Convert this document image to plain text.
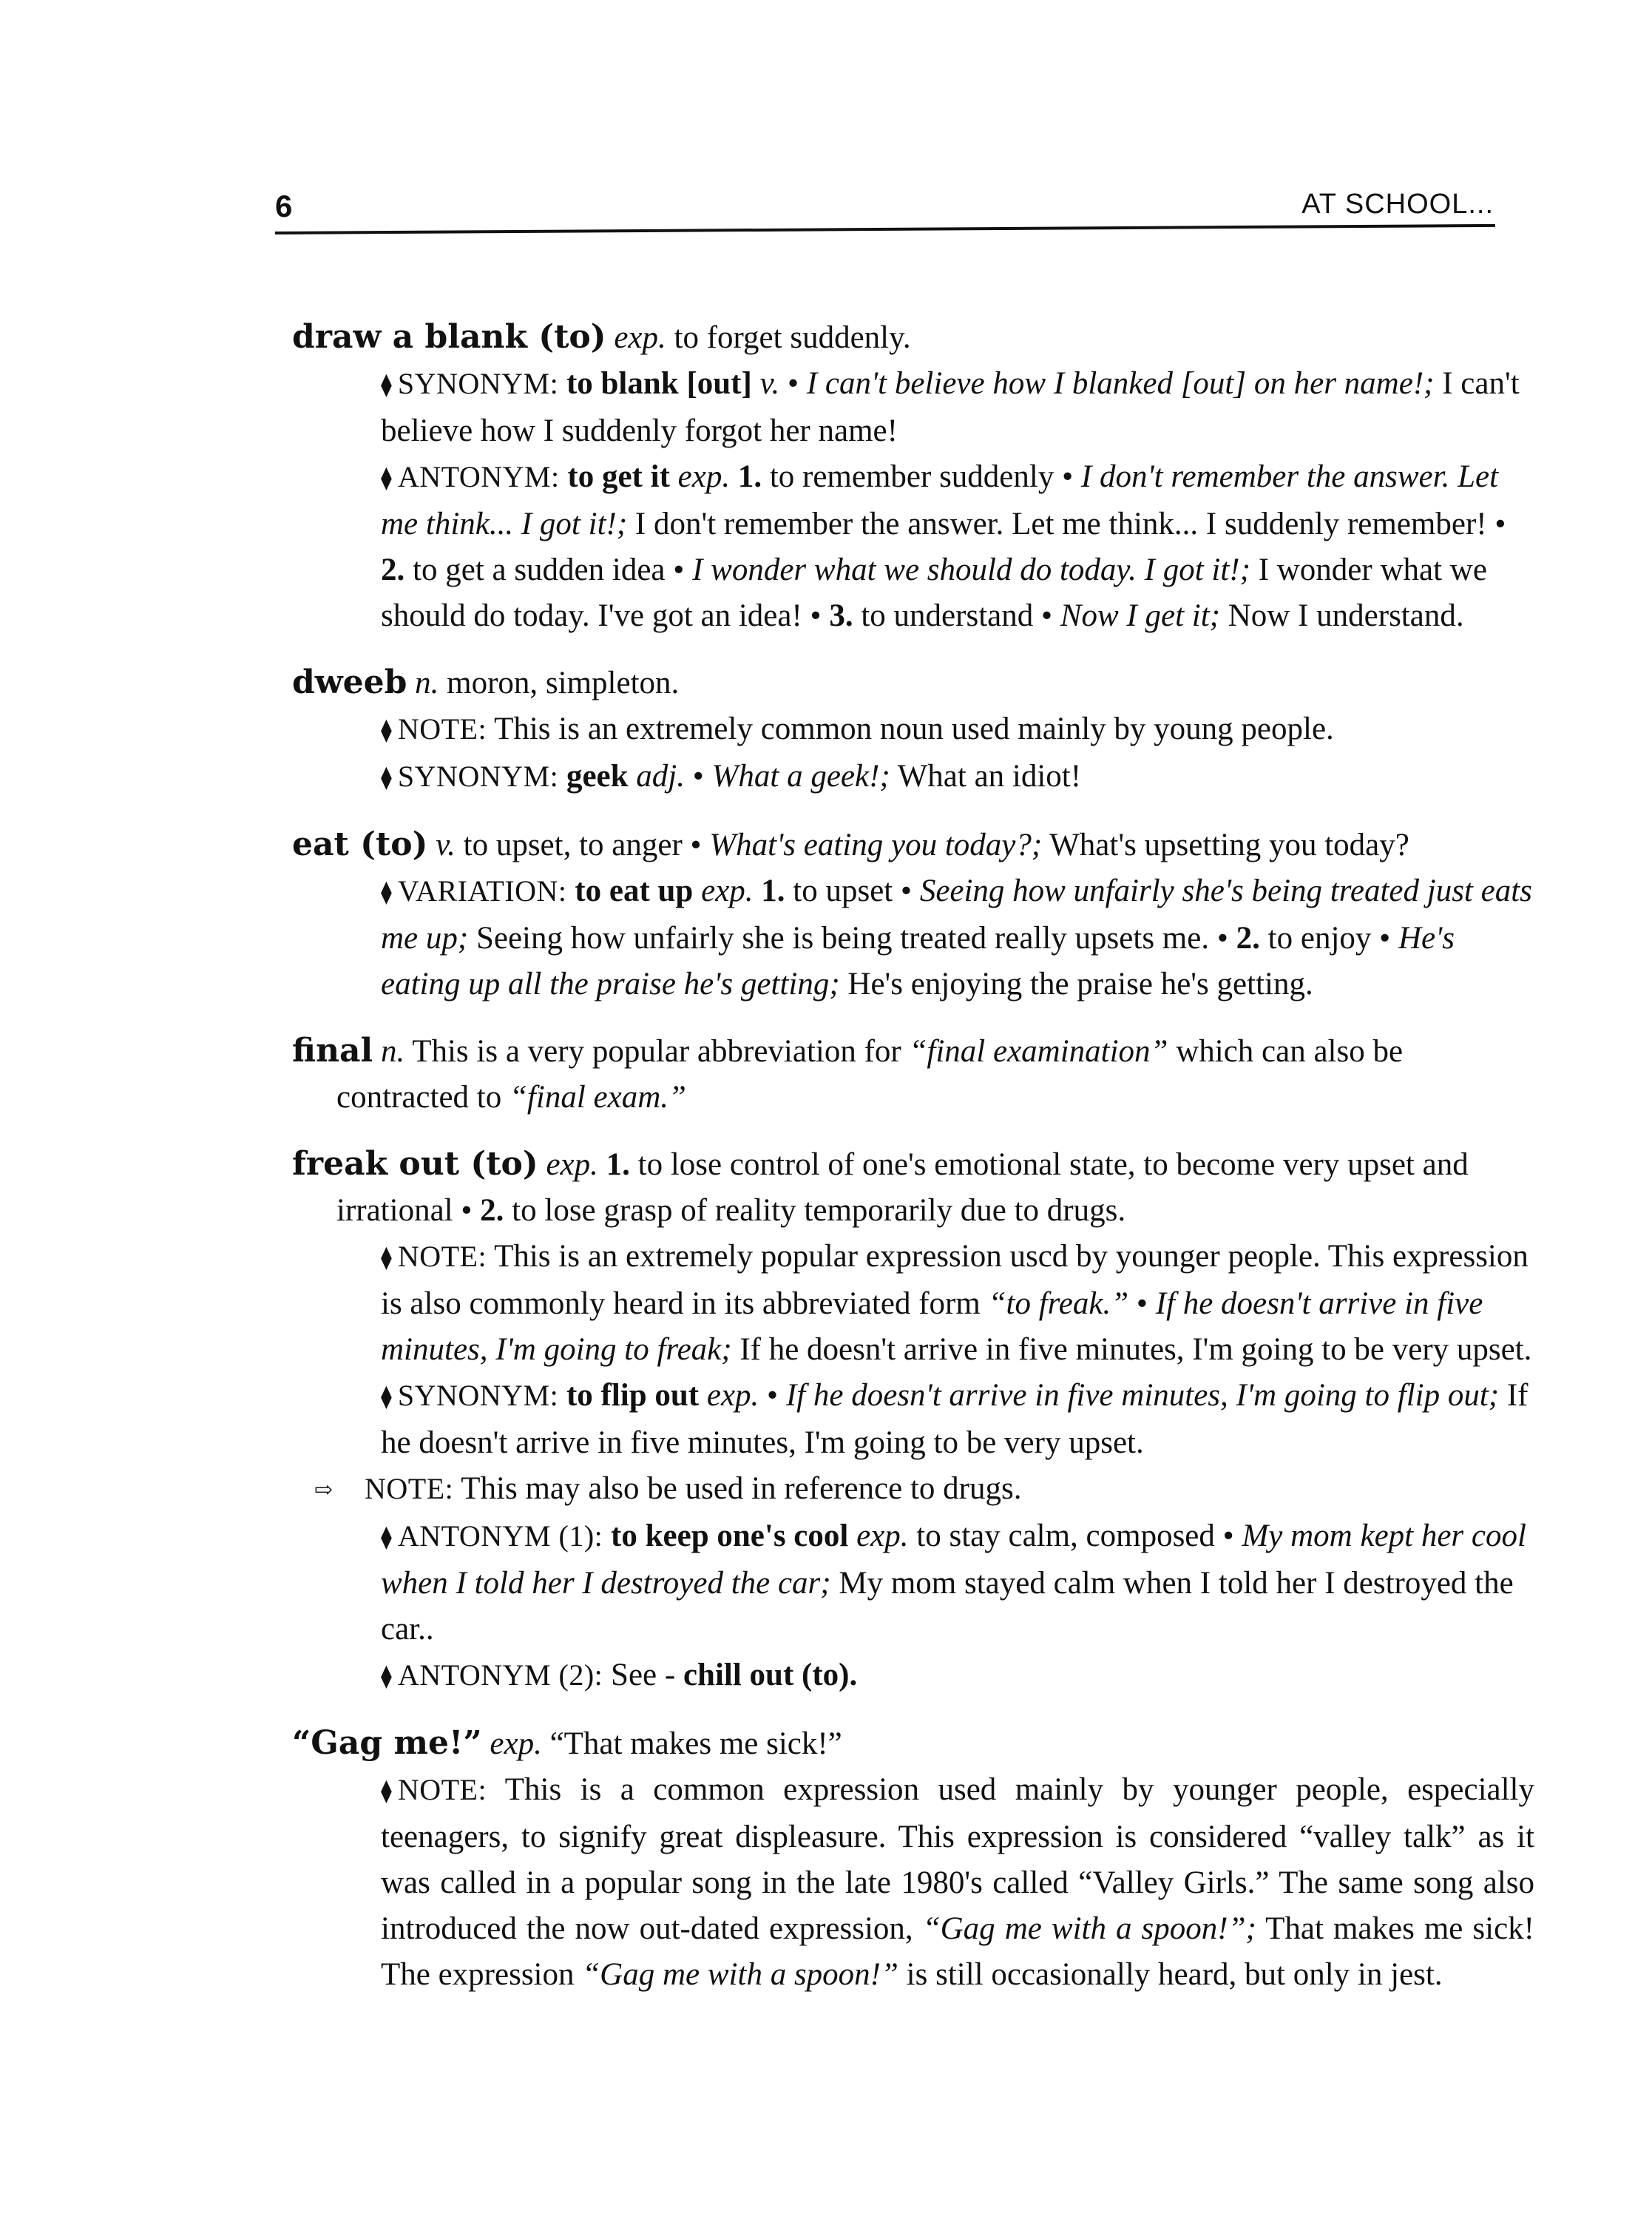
6	AT SCHOOL...
draw a blank (to) exp. to forget suddenly.
⧫ SYNONYM: to blank [out] v. • I can't believe how I blanked [out] on her name!; I can't believe how I suddenly forgot her name!
⧫ ANTONYM: to get it exp. 1. to remember suddenly • I don't remember the answer. Let me think... I got it!; I don't remember the answer. Let me think... I suddenly remember! • 2. to get a sudden idea • I wonder what we should do today. I got it!; I wonder what we should do today. I've got an idea! • 3. to understand • Now I get it; Now I understand.
dweeb n. moron, simpleton.
⧫ NOTE: This is an extremely common noun used mainly by young people.
⧫ SYNONYM: geek adj. • What a geek!; What an idiot!
eat (to) v. to upset, to anger • What's eating you today?; What's upsetting you today?
⧫ VARIATION: to eat up exp. 1. to upset • Seeing how unfairly she's being treated just eats me up; Seeing how unfairly she is being treated really upsets me. • 2. to enjoy • He's eating up all the praise he's getting; He's enjoying the praise he's getting.
final n. This is a very popular abbreviation for “final examination” which can also be contracted to “final exam.”
freak out (to) exp. 1. to lose control of one's emotional state, to become very upset and irrational • 2. to lose grasp of reality temporarily due to drugs.
⧫ NOTE: This is an extremely popular expression uscd by younger people. This expression is also commonly heard in its abbreviated form “to freak.” • If he doesn't arrive in five minutes, I'm going to freak; If he doesn't arrive in five minutes, I'm going to be very upset.
⧫ SYNONYM: to flip out exp. • If he doesn't arrive in five minutes, I'm going to flip out; If he doesn't arrive in five minutes, I'm going to be very upset.
⇨ NOTE: This may also be used in reference to drugs.
⧫ ANTONYM (1): to keep one's cool exp. to stay calm, composed • My mom kept her cool when I told her I destroyed the car; My mom stayed calm when I told her I destroyed the car..
⧫ ANTONYM (2): See - chill out (to).
“Gag me!” exp. “That makes me sick!”
⧫ NOTE: This is a common expression used mainly by younger people, especially teenagers, to signify great displeasure. This expression is considered “valley talk” as it was called in a popular song in the late 1980's called “Valley Girls.” The same song also introduced the now out-dated expression, “Gag me with a spoon!”; That makes me sick! The expression “Gag me with a spoon!” is still occasionally heard, but only in jest.
